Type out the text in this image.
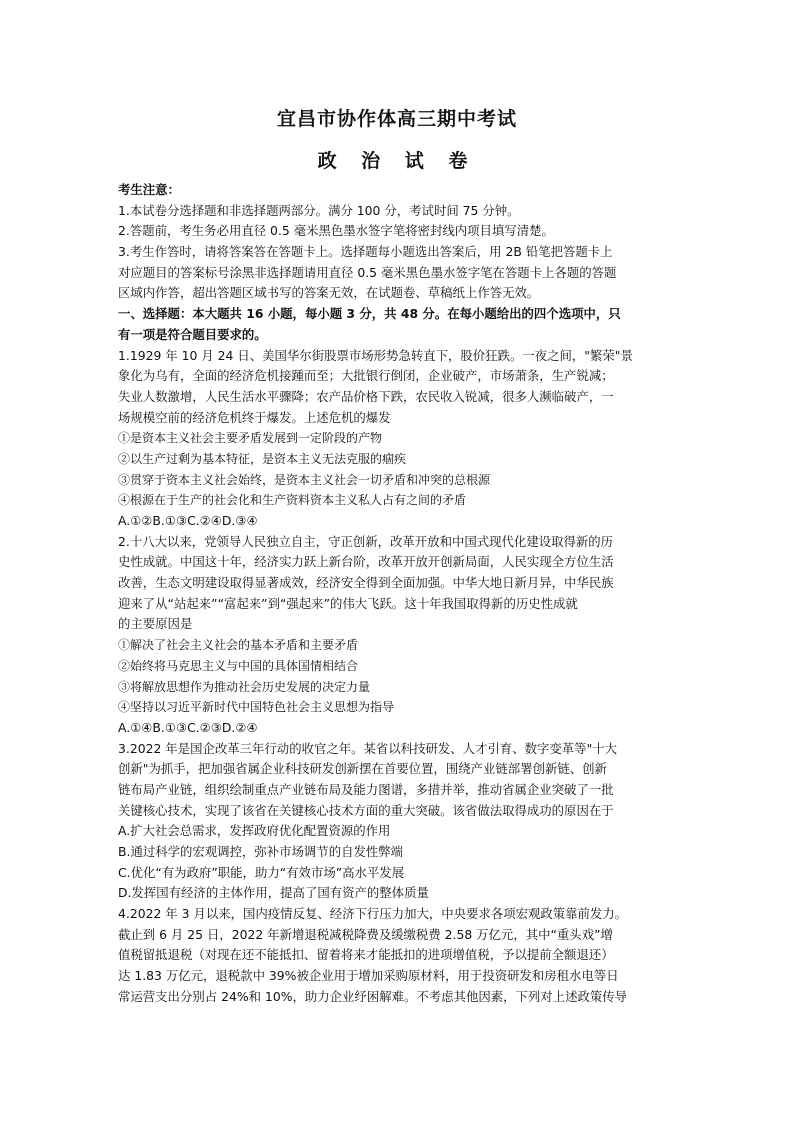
宜昌市协作体高三期中考试
政 治 试 卷
考生注意：
1.本试卷分选择题和非选择题两部分。满分 100 分，考试时间 75 分钟。
2.答题前，考生务必用直径 0.5 毫米黑色墨水签字笔将密封线内项目填写清楚。
3.考生作答时，请将答案答在答题卡上。选择题每小题选出答案后，用 2B 铅笔把答题卡上
对应题目的答案标号涂黑非选择题请用直径 0.5 毫米黑色墨水签字笔在答题卡上各题的答题
区域内作答，超出答题区域书写的答案无效，在试题卷、草稿纸上作答无效。
一、选择题：本大题共 16 小题，每小题 3 分，共 48 分。在每小题给出的四个选项中，只
有一项是符合题目要求的。
1.1929 年 10 月 24 日、美国华尔街股票市场形势急转直下，股价狂跌。一夜之间，"繁荣"景
象化为乌有，全面的经济危机接踵而至；大批银行倒闭，企业破产，市场萧条，生产锐减；
失业人数激增，人民生活水平骤降；农产品价格下跌，农民收入锐减，很多人濒临破产，一
场规模空前的经济危机终于爆发。上述危机的爆发
①是资本主义社会主要矛盾发展到一定阶段的产物
②以生产过剩为基本特征，是资本主义无法克服的痼疾
③贯穿于资本主义社会始终，是资本主义社会一切矛盾和冲突的总根源
④根源在于生产的社会化和生产资料资本主义私人占有之间的矛盾
A.①②B.①③C.②④D.③④
2.十八大以来，党领导人民独立自主，守正创新，改革开放和中国式现代化建设取得新的历
史性成就。中国这十年，经济实力跃上新台阶，改革开放开创新局面，人民实现全方位生活
改善，生态文明建设取得显著成效，经济安全得到全面加强。中华大地日新月异，中华民族
迎来了从“站起来”“富起来”到“强起来”的伟大飞跃。这十年我国取得新的历史性成就
的主要原因是
①解决了社会主义社会的基本矛盾和主要矛盾
②始终将马克思主义与中国的具体国情相结合
③将解放思想作为推动社会历史发展的决定力量
④坚持以习近平新时代中国特色社会主义思想为指导
A.①④B.①③C.②③D.②④
3.2022 年是国企改革三年行动的收官之年。某省以科技研发、人才引育、数字变革等"十大
创新"为抓手，把加强省属企业科技研发创新摆在首要位置，围绕产业链部署创新链、创新
链布局产业链，组织绘制重点产业链布局及能力图谱，多措并举，推动省属企业突破了一批
关键核心技术，实现了该省在关键核心技术方面的重大突破。该省做法取得成功的原因在于
A.扩大社会总需求，发挥政府优化配置资源的作用
B.通过科学的宏观调控，弥补市场调节的自发性弊端
C.优化“有为政府”职能，助力“有效市场”高水平发展
D.发挥国有经济的主体作用，提高了国有资产的整体质量
4.2022 年 3 月以来，国内疫情反复、经济下行压力加大，中央要求各项宏观政策靠前发力。
截止到 6 月 25 日，2022 年新增退税减税降费及缓缴税费 2.58 万亿元，其中“重头戏”增
值税留抵退税（对现在还不能抵扣、留着将来才能抵扣的进项增值税，予以提前全额退还）
达 1.83 万亿元，退税款中 39%被企业用于增加采购原材料，用于投资研发和房租水电等日
常运营支出分别占 24%和 10%，助力企业纾困解难。不考虑其他因素，下列对上述政策传导
